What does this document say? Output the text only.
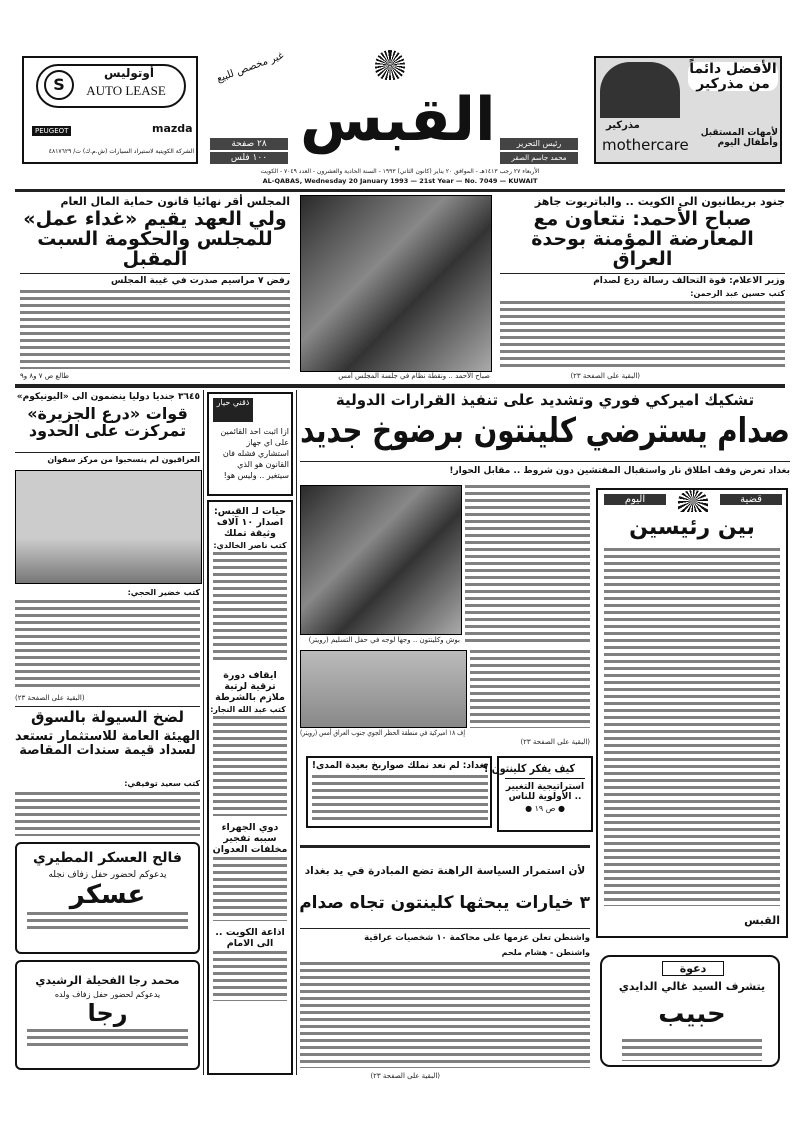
S
أوتوليس
AUTO LEASE
PEUGEOT	mazda
الشركة الكويتية لاستيراد السيارات (ش.م.ك) ت/ ٤٨١٧٦٢٩
غير مخصص للبيع
٢٨ صفحة
١٠٠ فلس
القبس	رئيس التحرير
محمد جاسم الصقر
الأربعاء ٢٧ رجب ١٤١٣هـ - الموافق ٢٠ يناير (كانون الثاني) ١٩٩٣ - السنة الحادية والعشرون - العدد ٧٠٤٩ - الكويت
AL-QABAS, Wednesday 20 January 1993 — 21st Year — No. 7049 — KUWAIT
الأفضل دائماً من مذركير
لأمهات المستقبل وأطفال اليوم
مذركير
mothercare
جنود بريطانيون الى الكويت .. والباتريوت جاهز
صباح الأحمد: نتعاون مع المعارضة المؤمنة بوحدة العراق
وزير الاعلام: قوة التحالف رسالة ردع لصدام
كتب حسين عبد الرحمن:
(البقية على الصفحة ٢٣)
صباح الأحمد .. ونقطة نظام في جلسة المجلس أمس
المجلس أقر نهائيا قانون حماية المال العام
ولي العهد يقيم «غداء عمل» للمجلس والحكومة السبت المقبل
رفض ٧ مراسيم صدرت في غيبة المجلس
طالع ص ٧ و٨ و٩
تشكيك اميركي فوري وتشديد على تنفيذ القرارات الدولية
صدام يسترضي كلينتون برضوخ جديد
بغداد تعرض وقف اطلاق نار واستقبال المفتشين دون شروط .. مقابل الحوار!
بوش وكلينتون .. وجها لوجه في حفل التسليم (رويتر)
إف ١٨ اميركية في منطقة الحظر الجوي جنوب العراق أمس (رويتر)
(البقية على الصفحة ٢٣)
بغداد: لم نعد نملك صواريخ بعيدة المدى!
كيف يفكر كلينتون ؟
استراتيجية التغيير
.. الأولوية للناس
● ص ١٩ ●
لأن استمرار السياسة الراهنة تضع المبادرة في يد بغداد
٣ خيارات يبحثها كلينتون تجاه صدام
واشنطن تعلن عزمها على محاكمة ١٠ شخصيات عراقية
واشنطن - هشام ملحم
(البقية على الصفحة ٢٣)
اليوم	قضية
بين رئيسين
القبس
دعوة
يتشرف السيد غالي الدايدي
حبيب
٣٦٤٥ جنديا دوليا ينضمون الى «اليونيكوم»
قوات «درع الجزيرة» تمركزت على الحدود
العراقيون لم ينسحبوا من مركز سفوان
كتب خضير الحجي:
(البقية على الصفحة ٢٣)
لضخ السيولة بالسوق
الهيئة العامة للاستثمار تستعد لسداد قيمة سندات المقاصة
كتب سعيد توفيقي:
فالح العسكر المطيري
يدعوكم لحضور حفل زفاف نجله
عسكر
محمد رجا الفحيلة الرشيدي
يدعوكم لحضور حفل زفاف ولده
رجا
ذقني حيار
ازا اثبت احد القائمين على اي جهاز استشاري فشله فان القانون هو الذي سيتغير .. وليس هو!
حيات لـ القبس: اصدار ١٠ آلاف وثيقة تملك
كتب ناصر الخالدي:
ايقاف دورة ترقية لرتبة ملازم بالشرطة
كتب عبد الله النجار:
دوي الجهراء سببه تفجير مخلفات العدوان
اذاعة الكويت .. الى الامام
